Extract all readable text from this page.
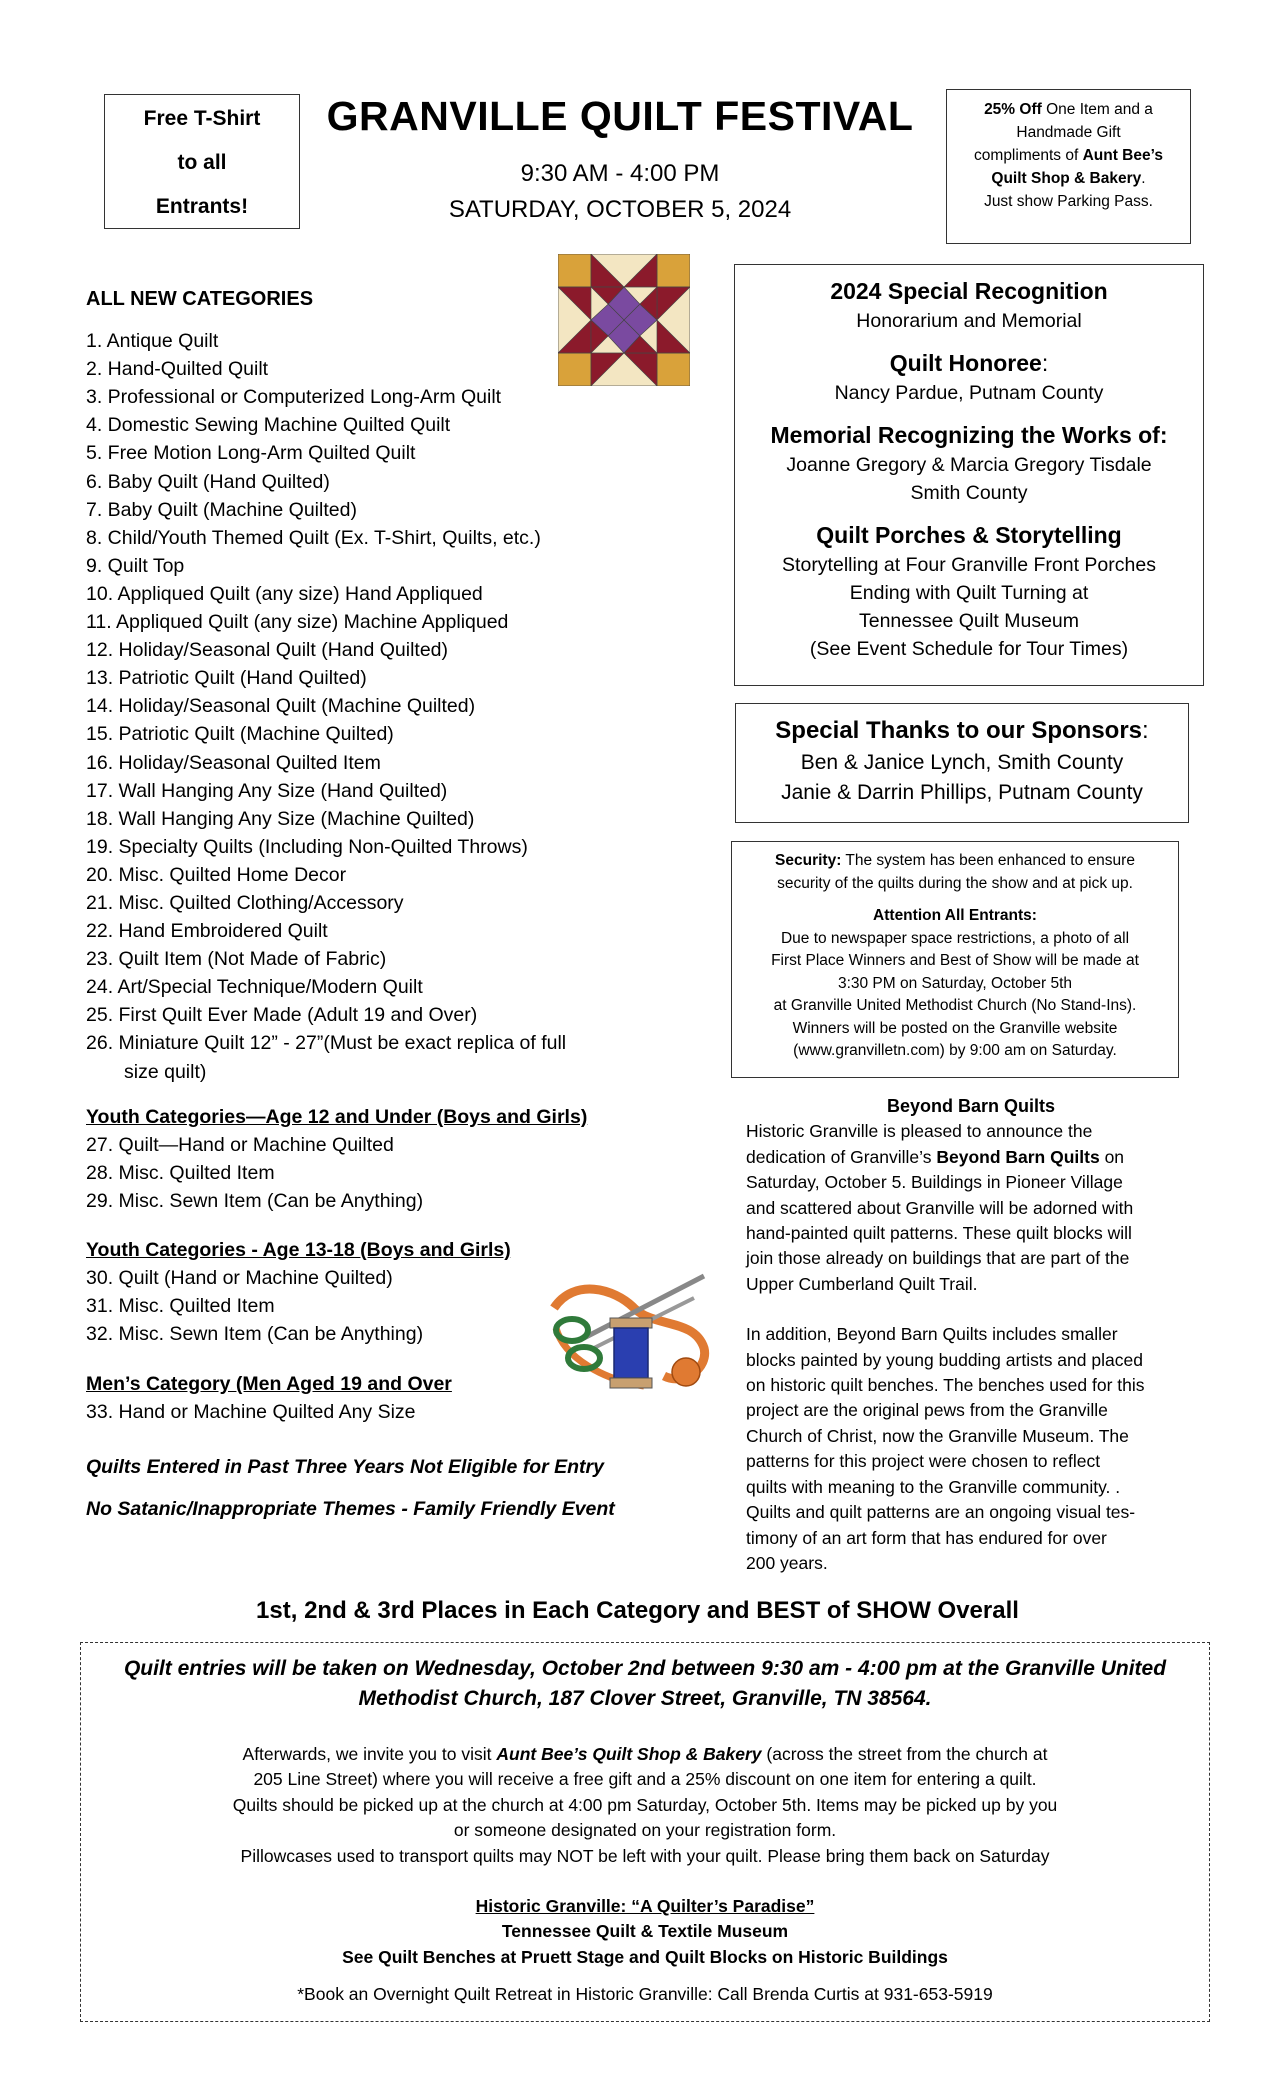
Free T-Shirt
to all
Entrants!
GRANVILLE QUILT FESTIVAL
9:30 AM - 4:00 PM
SATURDAY, OCTOBER 5, 2024
25% Off One Item and a
Handmade Gift
compliments of Aunt Bee’s
Quilt Shop & Bakery.
Just show Parking Pass.
ALL NEW CATEGORIES
1. Antique Quilt
2. Hand-Quilted Quilt
3. Professional or Computerized Long-Arm Quilt
4. Domestic Sewing Machine Quilted Quilt
5. Free Motion Long-Arm Quilted Quilt
6. Baby Quilt (Hand Quilted)
7. Baby Quilt (Machine Quilted)
8. Child/Youth Themed Quilt (Ex. T-Shirt, Quilts, etc.)
9. Quilt Top
10. Appliqued Quilt (any size) Hand Appliqued
11. Appliqued Quilt (any size) Machine Appliqued
12. Holiday/Seasonal Quilt (Hand Quilted)
13. Patriotic Quilt (Hand Quilted)
14. Holiday/Seasonal Quilt (Machine Quilted)
15. Patriotic Quilt (Machine Quilted)
16. Holiday/Seasonal Quilted Item
17. Wall Hanging Any Size (Hand Quilted)
18. Wall Hanging Any Size (Machine Quilted)
19. Specialty Quilts (Including Non-Quilted Throws)
20. Misc. Quilted Home Decor
21. Misc. Quilted Clothing/Accessory
22. Hand Embroidered Quilt
23. Quilt Item (Not Made of Fabric)
24. Art/Special Technique/Modern Quilt
25. First Quilt Ever Made (Adult 19 and Over)
26. Miniature Quilt 12” - 27”(Must be exact replica of full
size quilt)
Youth Categories—Age 12 and Under (Boys and Girls)
27. Quilt—Hand or Machine Quilted
28. Misc. Quilted Item
29. Misc. Sewn Item (Can be Anything)
Youth Categories - Age 13-18 (Boys and Girls)
30. Quilt (Hand or Machine Quilted)
31. Misc. Quilted Item
32. Misc. Sewn Item (Can be Anything)
Men’s Category (Men Aged 19 and Over
33. Hand or Machine Quilted Any Size
Quilts Entered in Past Three Years Not Eligible for Entry
No Satanic/Inappropriate Themes - Family Friendly Event
2024 Special Recognition
Honorarium and Memorial
Quilt Honoree:
Nancy Pardue, Putnam County
Memorial Recognizing the Works of:
Joanne Gregory & Marcia Gregory Tisdale
Smith County
Quilt Porches & Storytelling
Storytelling at Four Granville Front Porches
Ending with Quilt Turning at
Tennessee Quilt Museum
(See Event Schedule for Tour Times)
Special Thanks to our Sponsors:
Ben & Janice Lynch, Smith County
Janie & Darrin Phillips, Putnam County
Security: The system has been enhanced to ensure
security of the quilts during the show and at pick up.
Attention All Entrants:
Due to newspaper space restrictions, a photo of all
First Place Winners and Best of Show will be made at
3:30 PM on Saturday, October 5th
at Granville United Methodist Church (No Stand-Ins).
Winners will be posted on the Granville website
(www.granvilletn.com) by 9:00 am on Saturday.
Beyond Barn Quilts
Historic Granville is pleased to announce the
dedication of Granville’s Beyond Barn Quilts on
Saturday, October 5. Buildings in Pioneer Village
and scattered about Granville will be adorned with
hand-painted quilt patterns. These quilt blocks will
join those already on buildings that are part of the
Upper Cumberland Quilt Trail.
In addition, Beyond Barn Quilts includes smaller
blocks painted by young budding artists and placed
on historic quilt benches. The benches used for this
project are the original pews from the Granville
Church of Christ, now the Granville Museum. The
patterns for this project were chosen to reflect
quilts with meaning to the Granville community. .
Quilts and quilt patterns are an ongoing visual tes-
timony of an art form that has endured for over
200 years.
1st, 2nd & 3rd Places in Each Category and BEST of SHOW Overall
Quilt entries will be taken on Wednesday, October 2nd between 9:30 am - 4:00 pm at the Granville United
Methodist Church, 187 Clover Street, Granville, TN 38564.
Afterwards, we invite you to visit Aunt Bee’s Quilt Shop & Bakery (across the street from the church at
205 Line Street) where you will receive a free gift and a 25% discount on one item for entering a quilt.
Quilts should be picked up at the church at 4:00 pm Saturday, October 5th. Items may be picked up by you
or someone designated on your registration form.
Pillowcases used to transport quilts may NOT be left with your quilt. Please bring them back on Saturday
Historic Granville: “A Quilter’s Paradise”
Tennessee Quilt & Textile Museum
See Quilt Benches at Pruett Stage and Quilt Blocks on Historic Buildings
*Book an Overnight Quilt Retreat in Historic Granville: Call Brenda Curtis at 931-653-5919
